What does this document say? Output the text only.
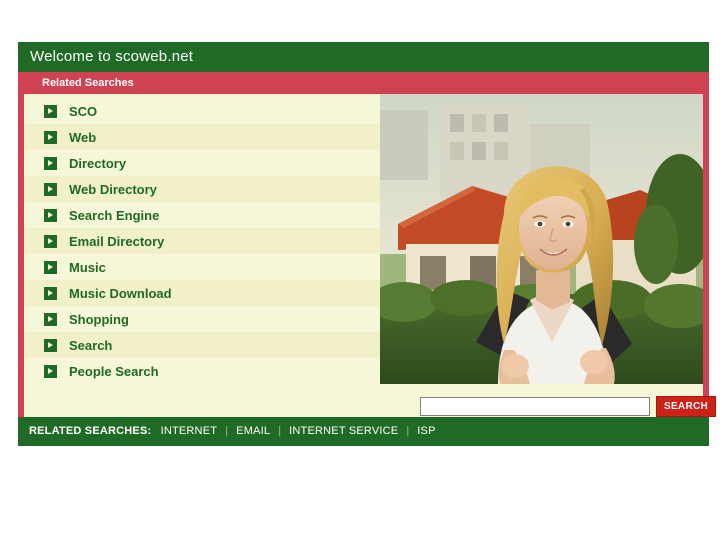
Welcome to scoweb.net
Related Searches
SCO
Web
Directory
Web Directory
Search Engine
Email Directory
Music
Music Download
Shopping
Search
People Search
SEARCH
RELATED SEARCHES: INTERNET | EMAIL | INTERNET SERVICE | ISP
